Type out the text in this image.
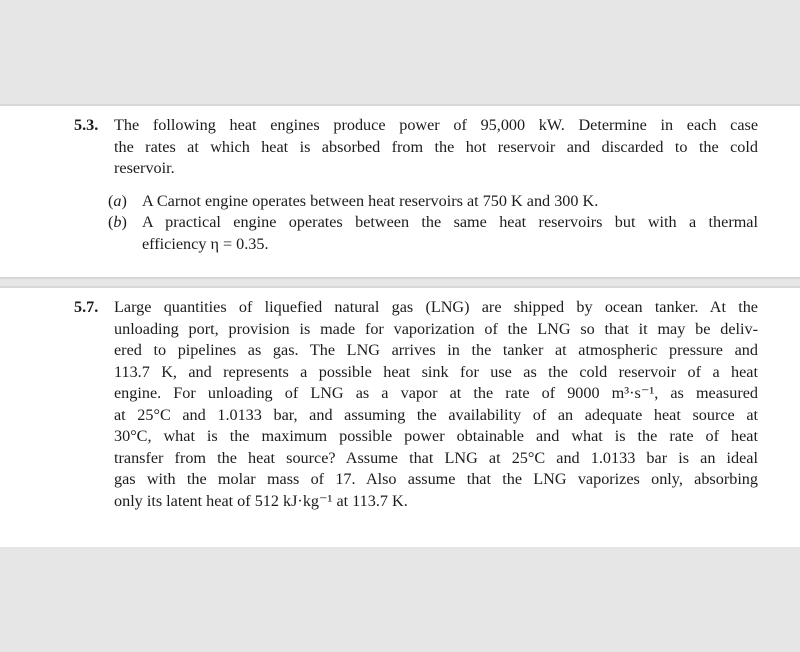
5.3. The following heat engines produce power of 95,000 kW. Determine in each case
the rates at which heat is absorbed from the hot reservoir and discarded to the cold
reservoir.
(a) A Carnot engine operates between heat reservoirs at 750 K and 300 K.
(b) A practical engine operates between the same heat reservoirs but with a thermal
efficiency η = 0.35.
5.7. Large quantities of liquefied natural gas (LNG) are shipped by ocean tanker. At the
unloading port, provision is made for vaporization of the LNG so that it may be deliv-
ered to pipelines as gas. The LNG arrives in the tanker at atmospheric pressure and
113.7 K, and represents a possible heat sink for use as the cold reservoir of a heat
engine. For unloading of LNG as a vapor at the rate of 9000 m³·s⁻¹, as measured
at 25°C and 1.0133 bar, and assuming the availability of an adequate heat source at
30°C, what is the maximum possible power obtainable and what is the rate of heat
transfer from the heat source? Assume that LNG at 25°C and 1.0133 bar is an ideal
gas with the molar mass of 17. Also assume that the LNG vaporizes only, absorbing
only its latent heat of 512 kJ·kg⁻¹ at 113.7 K.
